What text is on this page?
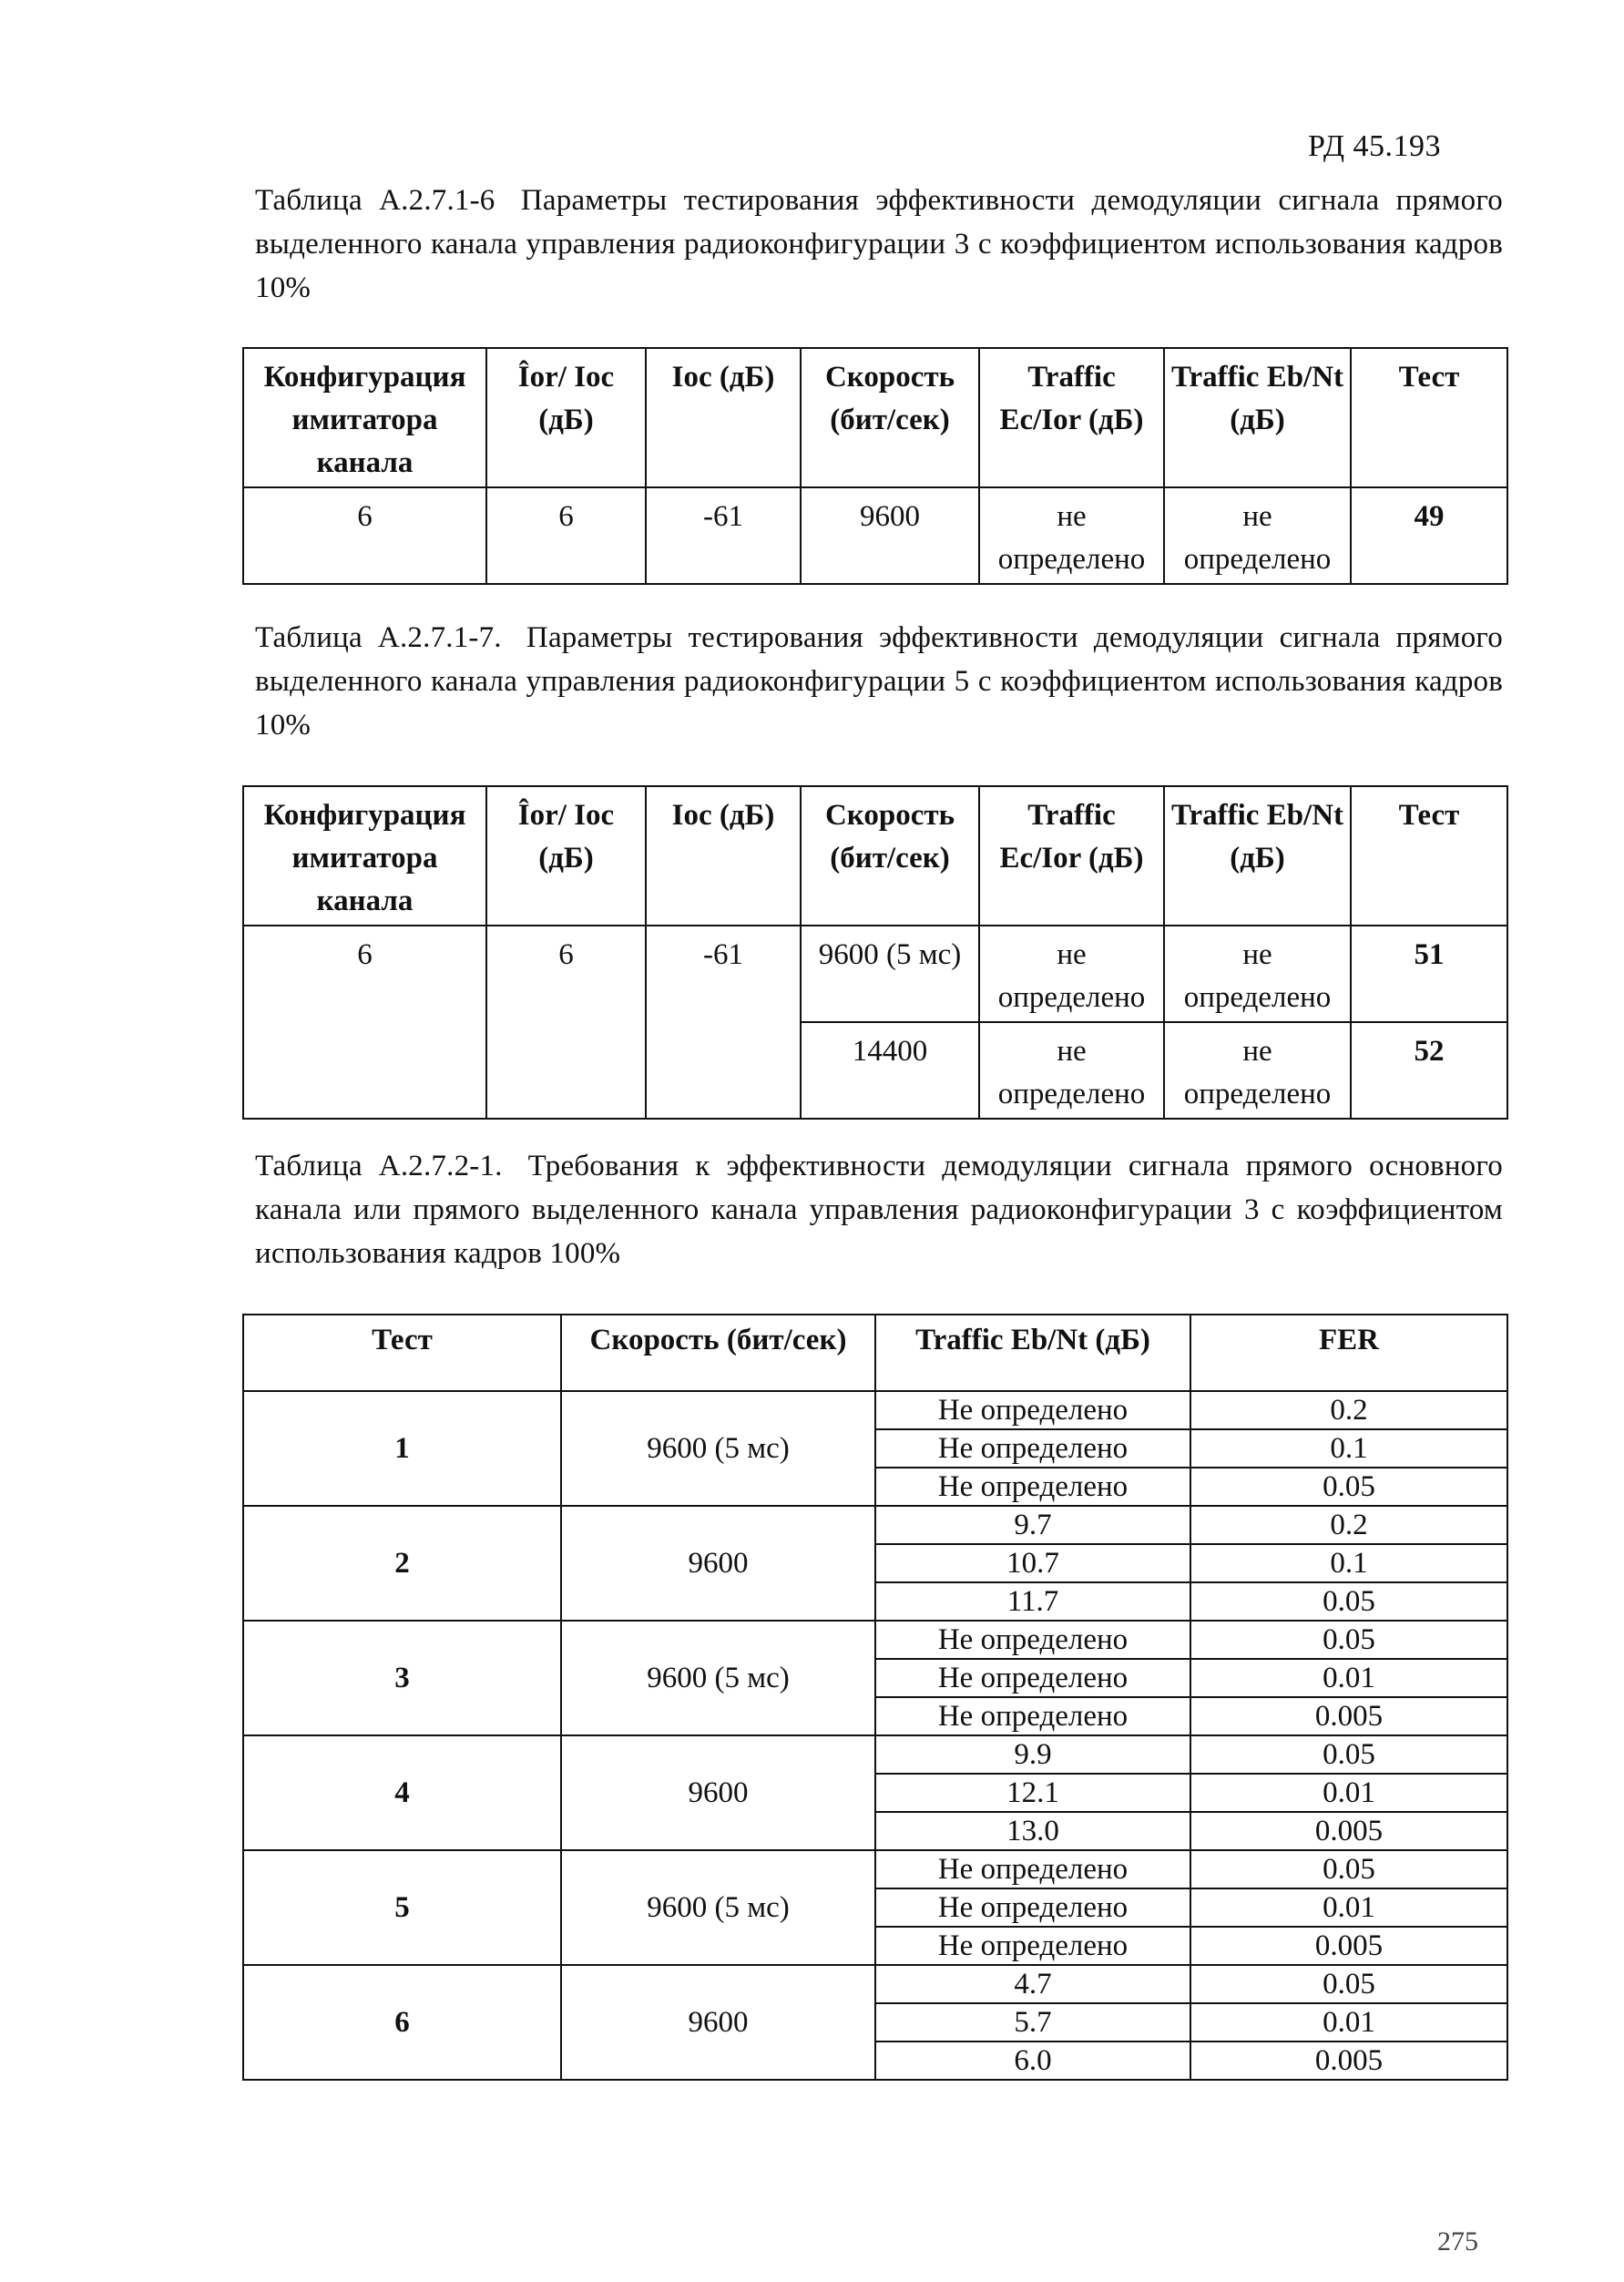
РД 45.193
Таблица А.2.7.1-6 Параметры тестирования эффективности демодуляции сигнала прямого выделенного канала управления радиоконфигурации 3 с коэффициентом использования кадров 10%
Конфигурация имитатора канала	Îor/ Ioc (дБ)	Ioc (дБ)	Скорость (бит/сек)	Traffic Ec/Ior (дБ)	Traffic Eb/Nt (дБ)	Тест
6	6	-61	9600	не определено	не определено	49
Таблица А.2.7.1-7. Параметры тестирования эффективности демодуляции сигнала прямого выделенного канала управления радиоконфигурации 5 с коэффициентом использования кадров 10%
Конфигурация имитатора канала	Îor/ Ioc (дБ)	Ioc (дБ)	Скорость (бит/сек)	Traffic Ec/Ior (дБ)	Traffic Eb/Nt (дБ)	Тест
6	6	-61	9600 (5 мс)	не определено	не определено	51
			14400	не определено	не определено	52
Таблица А.2.7.2-1. Требования к эффективности демодуляции сигнала прямого основного канала или прямого выделенного канала управления радиоконфигурации 3 с коэффициентом использования кадров 100%
Тест	Скорость (бит/сек)	Traffic Eb/Nt (дБ)	FER
1	9600 (5 мс)	Не определено	0.2
		Не определено	0.1
		Не определено	0.05
2	9600	9.7	0.2
		10.7	0.1
		11.7	0.05
3	9600 (5 мс)	Не определено	0.05
		Не определено	0.01
		Не определено	0.005
4	9600	9.9	0.05
		12.1	0.01
		13.0	0.005
5	9600 (5 мс)	Не определено	0.05
		Не определено	0.01
		Не определено	0.005
6	9600	4.7	0.05
		5.7	0.01
		6.0	0.005
275
